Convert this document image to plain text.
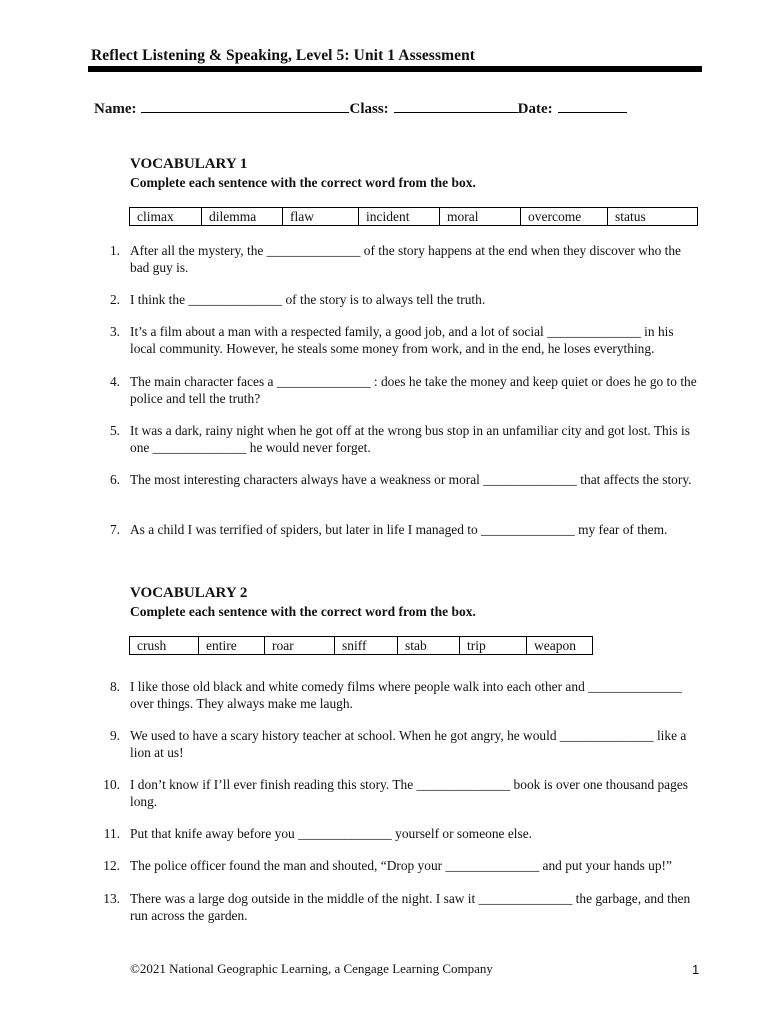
Reflect Listening & Speaking, Level 5: Unit 1 Assessment
Name:	Class:	Date:
VOCABULARY 1
Complete each sentence with the correct word from the box.
climax	dilemma	flaw	incident	moral	overcome	status
1. After all the mystery, the ______________ of the story happens at the end when they discover who the bad guy is.
2. I think the ______________ of the story is to always tell the truth.
3. It’s a film about a man with a respected family, a good job, and a lot of social ______________ in his local community. However, he steals some money from work, and in the end, he loses everything.
4. The main character faces a ______________ : does he take the money and keep quiet or does he go to the police and tell the truth?
5. It was a dark, rainy night when he got off at the wrong bus stop in an unfamiliar city and got lost. This is one ______________ he would never forget.
6. The most interesting characters always have a weakness or moral ______________ that affects the story.
7. As a child I was terrified of spiders, but later in life I managed to ______________ my fear of them.
VOCABULARY 2
Complete each sentence with the correct word from the box.
crush	entire	roar	sniff	stab	trip	weapon
8. I like those old black and white comedy films where people walk into each other and ______________ over things. They always make me laugh.
9. We used to have a scary history teacher at school. When he got angry, he would ______________ like a lion at us!
10. I don’t know if I’ll ever finish reading this story. The ______________ book is over one thousand pages long.
11. Put that knife away before you ______________ yourself or someone else.
12. The police officer found the man and shouted, “Drop your ______________ and put your hands up!”
13. There was a large dog outside in the middle of the night. I saw it ______________ the garbage, and then run across the garden.
©2021 National Geographic Learning, a Cengage Learning Company	1
